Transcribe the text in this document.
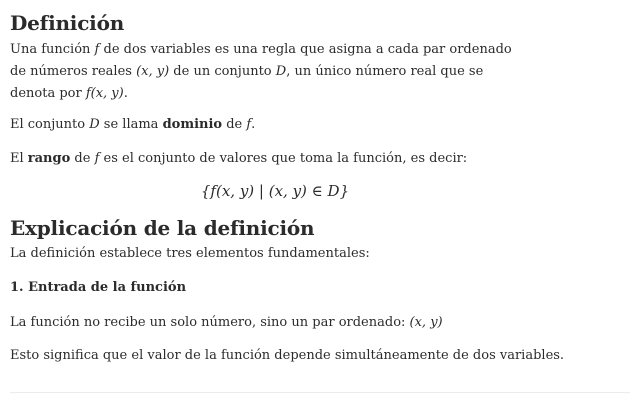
Definición

Una función f de dos variables es una regla que asigna a cada par ordenado de números reales (x, y) de un conjunto D, un único número real que se denota por f(x, y).

El conjunto D se llama dominio de f.

El rango de f es el conjunto de valores que toma la función, es decir:

{f(x, y) | (x, y) ∈ D}
Explicación de la definición

La definición establece tres elementos fundamentales:

1. Entrada de la función

La función no recibe un solo número, sino un par ordenado: (x, y)

Esto significa que el valor de la función depende simultáneamente de dos variables.
